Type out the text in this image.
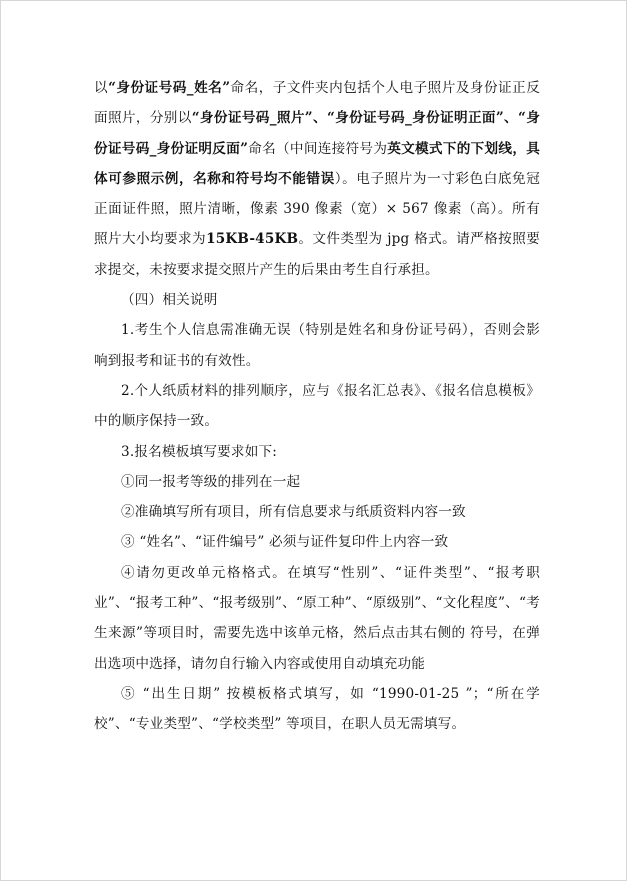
以“身份证号码_姓名”命名，子文件夹内包括个人电子照片及身份证正反面照片，分别以“身份证号码_照片”、“身份证号码_身份证明正面”、“身份证号码_身份证明反面”命名（中间连接符号为英文模式下的下划线，具体可参照示例，名称和符号均不能错误）。电子照片为一寸彩色白底免冠正面证件照，照片清晰，像素 390 像素（宽）× 567 像素（高）。所有照片大小均要求为15KB-45KB。文件类型为 jpg 格式。请严格按照要求提交，未按要求提交照片产生的后果由考生自行承担。

（四）相关说明

1.考生个人信息需准确无误（特别是姓名和身份证号码），否则会影响到报考和证书的有效性。

2.个人纸质材料的排列顺序，应与《报名汇总表》、《报名信息模板》中的顺序保持一致。

3.报名模板填写要求如下:

①同一报考等级的排列在一起

②准确填写所有项目，所有信息要求与纸质资料内容一致

③ “姓名”、“证件编号” 必须与证件复印件上内容一致

④请勿更改单元格格式。在填写“性别”、“证件类型”、“报考职业”、“报考工种”、“报考级别”、“原工种”、“原级别”、“文化程度”、“考生来源”等项目时，需要先选中该单元格，然后点击其右侧的 符号，在弹出选项中选择，请勿自行输入内容或使用自动填充功能

⑤ “出生日期” 按模板格式填写，如 “1990-01-25 ”；“所在学校”、“专业类型”、“学校类型” 等项目，在职人员无需填写。
